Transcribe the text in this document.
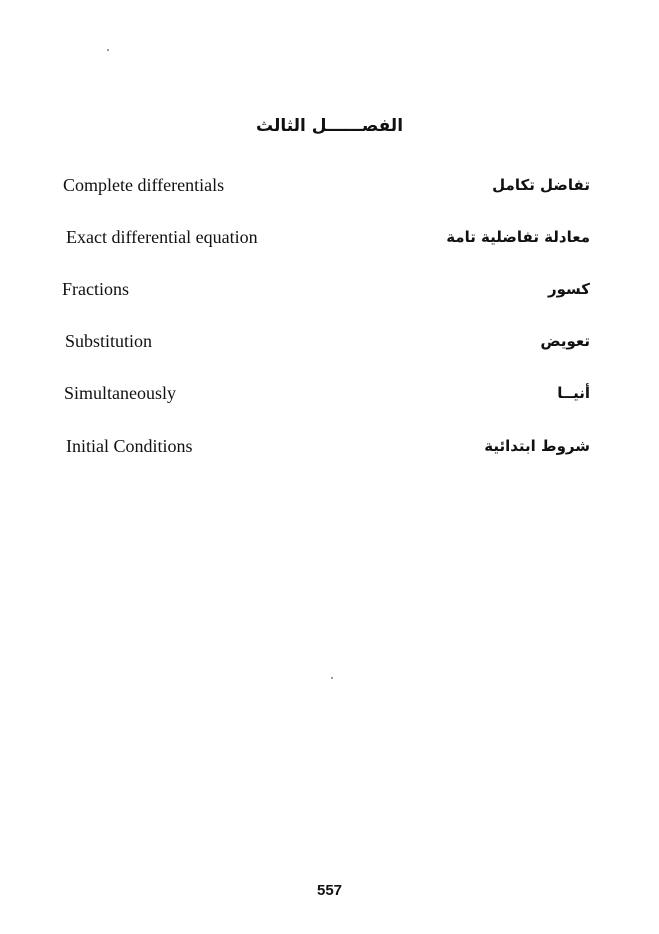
الفصــــــل الثالث
Complete differentials	تفاضل تكامل
Exact differential equation	معادلة تفاضلية تامة
Fractions	كسور
Substitution	تعويض
Simultaneously	أنيــا
Initial Conditions	شروط ابتدائية
557
